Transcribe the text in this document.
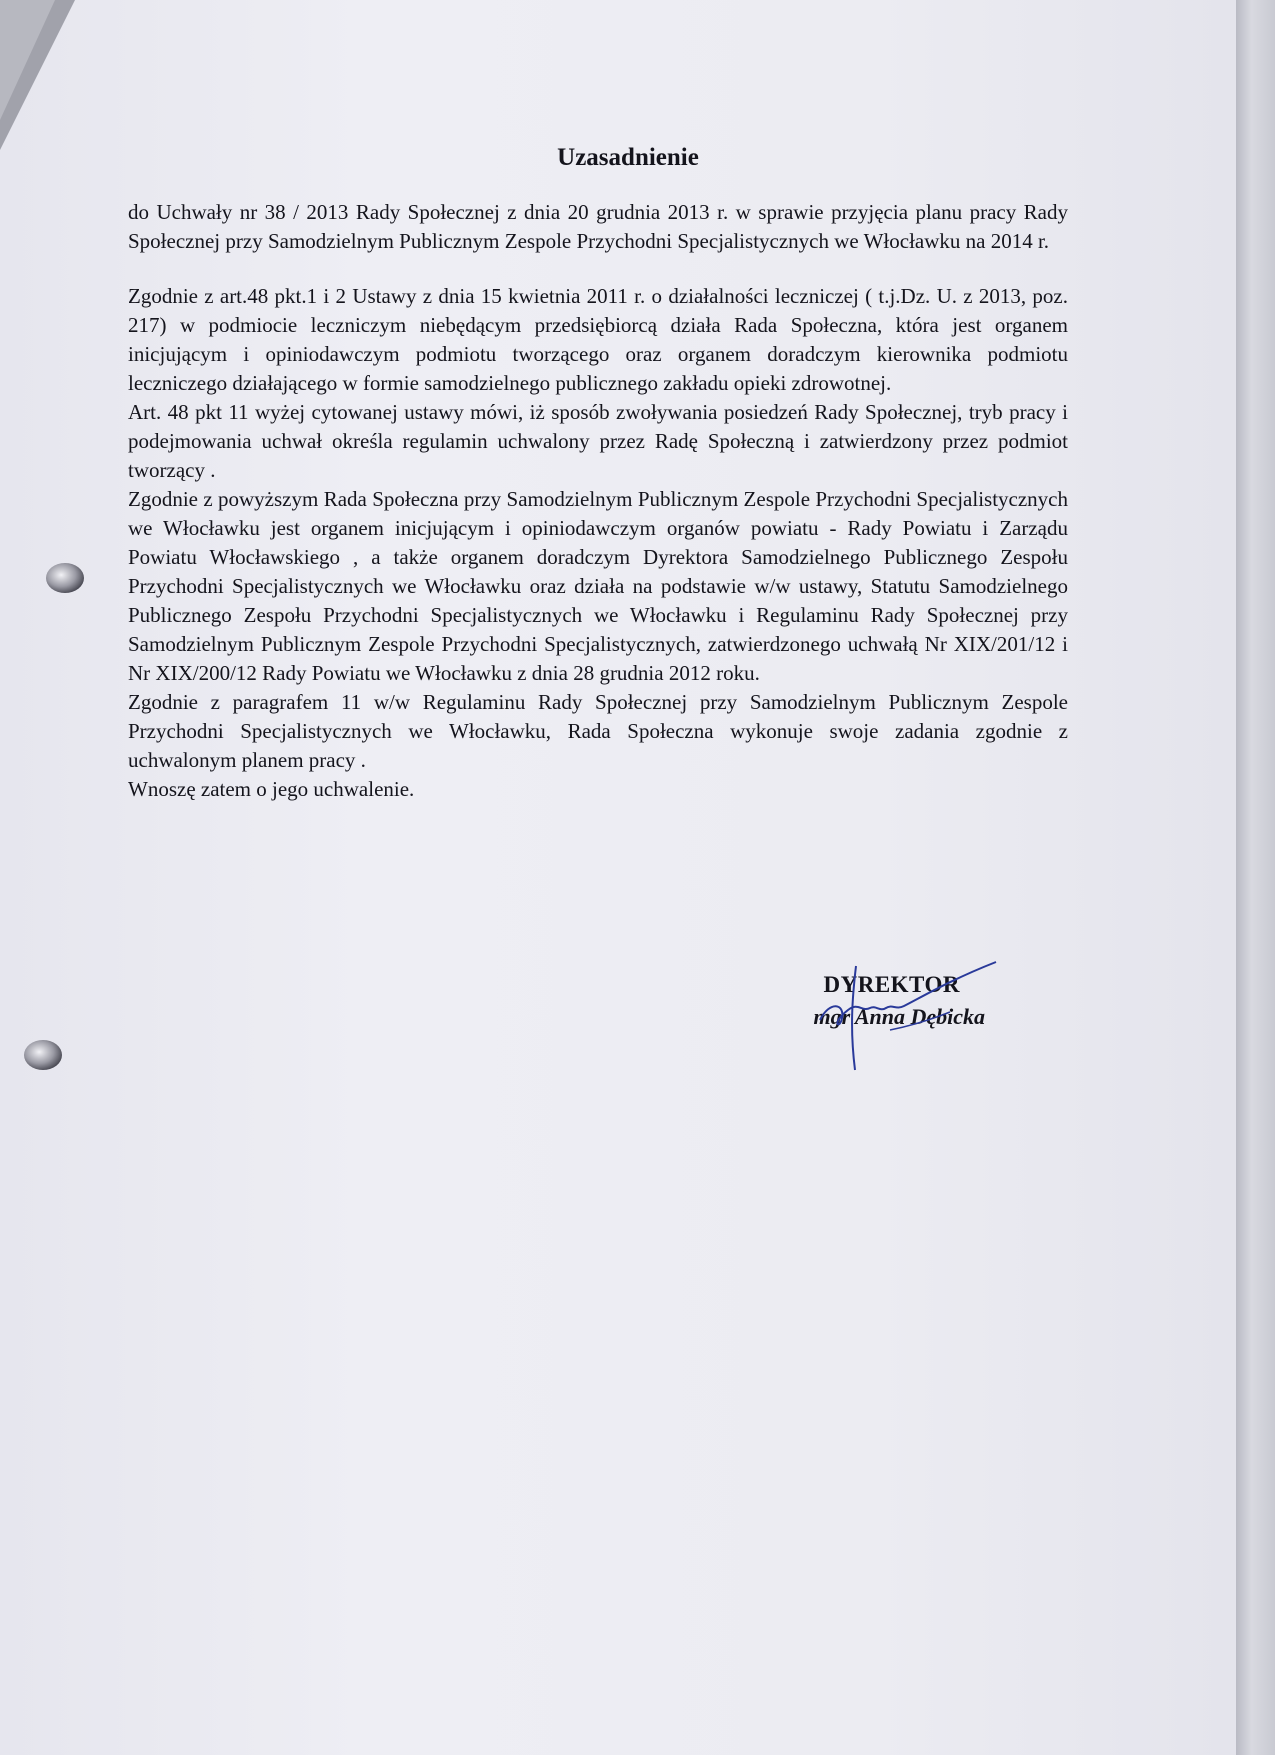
Uzasadnienie

do Uchwały nr 38 / 2013 Rady Społecznej z dnia 20 grudnia 2013 r. w sprawie przyjęcia planu pracy Rady Społecznej przy Samodzielnym Publicznym Zespole Przychodni Specjalistycznych we Włocławku na 2014 r.

Zgodnie z art.48 pkt.1 i 2 Ustawy z dnia 15 kwietnia 2011 r. o działalności leczniczej ( t.j.Dz. U. z 2013, poz. 217) w podmiocie leczniczym niebędącym przedsiębiorcą działa Rada Społeczna, która jest organem inicjującym i opiniodawczym podmiotu tworzącego oraz organem doradczym kierownika podmiotu leczniczego działającego w formie samodzielnego publicznego zakładu opieki zdrowotnej.

Art. 48 pkt 11 wyżej cytowanej ustawy mówi, iż sposób zwoływania posiedzeń Rady Społecznej, tryb pracy i podejmowania uchwał określa regulamin uchwalony przez Radę Społeczną i zatwierdzony przez podmiot tworzący .

Zgodnie z powyższym Rada Społeczna przy Samodzielnym Publicznym Zespole Przychodni Specjalistycznych we Włocławku jest organem inicjującym i opiniodawczym organów powiatu - Rady Powiatu i Zarządu Powiatu Włocławskiego , a także organem doradczym Dyrektora Samodzielnego Publicznego Zespołu Przychodni Specjalistycznych we Włocławku oraz działa na podstawie w/w ustawy, Statutu Samodzielnego Publicznego Zespołu Przychodni Specjalistycznych we Włocławku i Regulaminu Rady Społecznej przy Samodzielnym Publicznym Zespole Przychodni Specjalistycznych, zatwierdzonego uchwałą Nr XIX/201/12 i Nr XIX/200/12 Rady Powiatu we Włocławku z dnia 28 grudnia 2012 roku.

Zgodnie z paragrafem 11 w/w Regulaminu Rady Społecznej przy Samodzielnym Publicznym Zespole Przychodni Specjalistycznych we Włocławku, Rada Społeczna wykonuje swoje zadania zgodnie z uchwalonym planem pracy .

Wnoszę zatem o jego uchwalenie.

DYREKTOR

mgr Anna Dębicka
